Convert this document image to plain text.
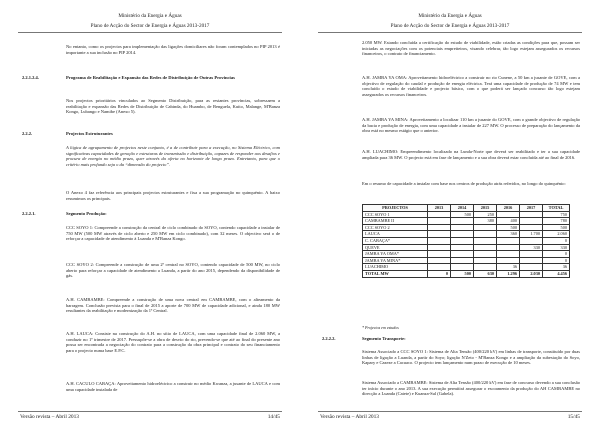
Ministério da Energia e Águas
Plano de Acção do Sector de Energia e Águas 2013-2017

No entanto, como os projectos para implementação das ligações domiciliares não foram contemplados no PIP 2013 é importante a sua inclusão no PIP 2014.

2.2.1.2.4.	Programa de Reabilitação e Expansão das Redes de Distribuição de Outras Províncias

Nos projectos prioritários vinculados ao Segmento Distribuição, para as restantes províncias, sobressaem a reabilitação e expansão das Redes de Distribuição de Cabinda, do Huambo, de Benguela, Kuito, Malange, M'Banza Kongo, Lubango e Namibe (Anexo 5).

2.2.2.	Projectos Estruturantes

A lógica de agrupamento de projectos neste conjunto, é a de contribuir para a execução, no Sistema Eléctrico, com significativas capacidades de geração e estruturas de transmissão e distribuição, capazes de responder aos desafios e procura de energia no médio prazo, quer através da oferta no horizonte de longo prazo. Entretanto, para que o critério mais profundo seja o da “dimensão do projecto”.

O Anexo 4 faz referência aos principais projectos estruturantes e fixa a sua programação no quinquénio. A baixo resumimos os principais.

2.2.2.1.	Segmento Produção:

CCC SOYO 1: Compreende a construção da central de ciclo combinado do SOYO, contendo capacidade a instalar de 750 MW (500 MW através de ciclo aberto e 250 MW em ciclo combinado), com 32 meses. O objectivo será o de reforçar a capacidade de atendimento à Luanda e M'Banza Kongo.

CCC SOYO 2: Compreende a construção de uma 2ª central no SOYO, contendo capacidade de 500 MW, no ciclo aberto para reforçar a capacidade de atendimento a Luanda, a partir do ano 2015, dependendo da disponibilidade de gás.

A.H. CAMBAMBE: Compreende a construção de uma nova central em CAMBAMBE, com o alteamento da barragem. Conclusão prevista para o final de 2015 a aporte de 700 MW de capacidade adicional, e ainda 180 MW resultantes da reabilitação e modernização da 1ª Central.

A.H. LAUCA: Consiste na construção do A.H. no sítio de LAUCA, com uma capacidade final de 2.060 MW, a conduzir no 1º trimestre de 2017. Pressupõe-se a obra de desvio do rio, prevendo-se que até ao final do presente ano possa ser encontrada a negociação do contrato para a construção da obra principal e contrato do seu financiamento para o projecto numa base E.P.C.

A.H. CACULO CABAÇA: Aproveitamento hidroeléctrico a construir no médio Kwanza, a jusante de LAUCA e com uma capacidade instalada de

Versão revista – Abril 2013	14/45
Ministério da Energia e Águas
Plano de Acção do Sector de Energia e Águas 2013-2017

2.050 MW. Estando concluída a certificação do estudo de viabilidade, estão criadas as condições para que, possam ser iniciadas as negociações com os potenciais empreiteiros, visando celebrar, tão logo estejam assegurados os recursos financeiros, o contrato de financiamento.

A.H. JAMBA YA OMA: Aproveitamento hidroeléctrico a construir no rio Cunene, a 50 km a jusante de GOVE, com a objectivo de regulação do caudal e produção de energia eléctrica. Terá uma capacidade de produção de 74 MW e tem concluído o estudo de viabilidade e projecto básico, com o que poderá ser lançado concurso tão logo estejam assegurados os recursos financeiros.

A.H. JAMBA YA MINA: Aproveitamento a localizar 110 km a jusante do GOVE, com o grande objectivo de regulação da bacia e produção de energia, com uma capacidade a instalar de 227 MW. O processo de preparação do lançamento da obra está no mesmo estágio que o anterior.

A.H. LUACHIMO: Empreendimento localizado na Lunda-Norte que deverá ser reabilitado e ter a sua capacidade ampliada para 36 MW. O projecto está em fase de lançamento e a sua obra deverá estar concluída até ao final de 2016.

Em o resumo de capacidade a instalar com base nos centros de produção atrás referidos, no longo do quinquénio:

Versão revista – Abril 2013	15/45
PROJECTOS	2013	2014	2015	2016	2017	TOTAL
CCC SOYO 1		500	250			750
CAMBAMBE II			380	400		780
CCC SOYO 2				500		500
LAUCA				360	1.700	2.060
C. CABAÇA*						0
QUEVE					330	330
JAMBA YA OMA*						0
JAMBA YA MINA*						0
LUACHIMO				36		36
TOTAL MW	0	500	630	1.296	2.030	4.456
* Projectos em estudos
2.2.2.2.	Segmento Transporte:

Sistema Associado a CCC SOYO 1: Sistema de Alta Tensão (400/220 kV) em linhas de transporte, constituído por duas linhas de ligação a Luanda, a partir do Soyo; ligação N'Zeto - M'Banza Kongo e a ampliação da subestação do Soyo, Kapary e Cazeze a Cacuaco. O projecto tem lançamento num prazo de execução de 10 meses.

Sistema Associado a CAMBAMBE: Sistema de Alta Tensão (400/220 kV) em fase de concurso devendo a sua conclusão ter início durante o ano 2013. A sua execução permitirá assegurar o escoamento da produção do AH CAMBAMBE no direcção a Luanda (Catete) e Kuanza-Sul (Gabela).
